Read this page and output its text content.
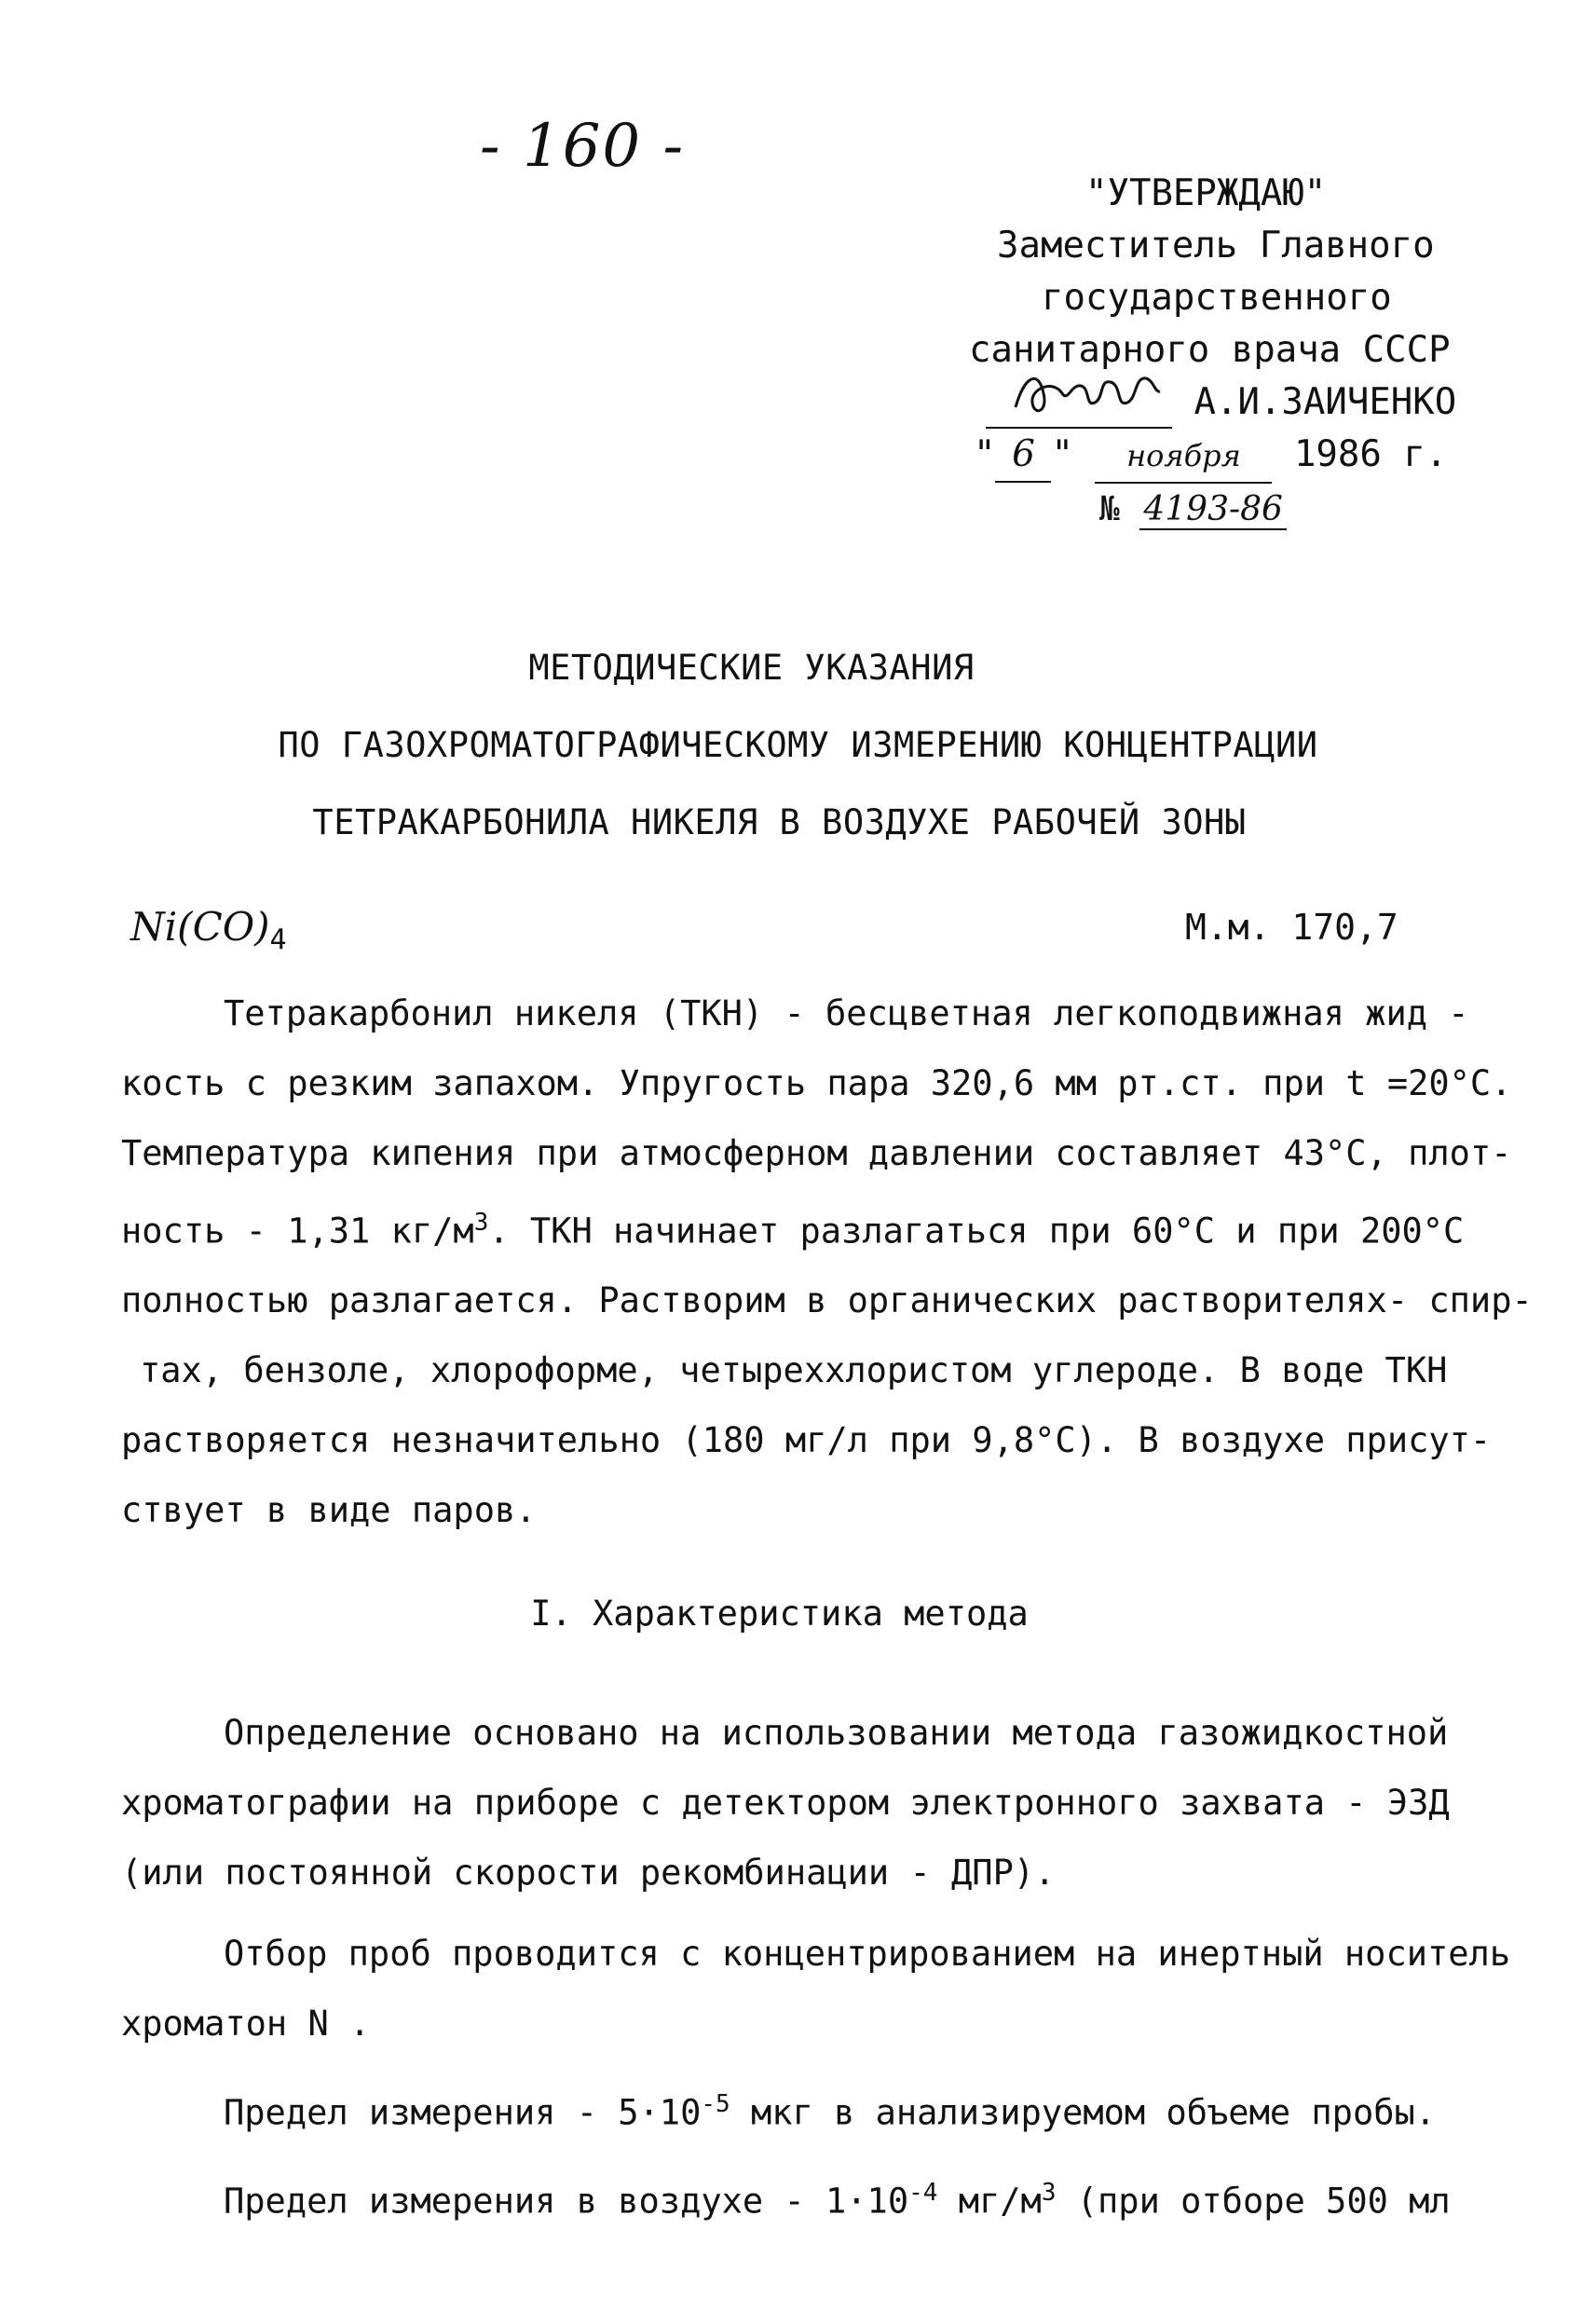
- 160 -
"УТВЕРЖДАЮ"
Заместитель Главного
государственного
санитарного врача СССР

А.И.ЗАИЧЕНКО
" 6 " ноября 1986 г.
№ 4193-86
МЕТОДИЧЕСКИЕ УКАЗАНИЯ
ПО ГАЗОХРОМАТОГРАФИЧЕСКОМУ ИЗМЕРЕНИЮ КОНЦЕНТРАЦИИ
ТЕТРАКАРБОНИЛА НИКЕЛЯ В ВОЗДУХЕ РАБОЧЕЙ ЗОНЫ
$Ni(CO)_4$	М.м. 170,7

Тетракарбонил никеля (ТКН) - бесцветная легкоподвижная жид -

кость с резким запахом. Упругость пара 320,6 мм рт.ст. при t =20°С.

Температура кипения при атмосферном давлении составляет 43°С, плот-

ность - 1,31 $кг/м^3$. ТКН начинает разлагаться при 60°С и при 200°С

полностью разлагается. Растворим в органических растворителях- спир-

тах, бензоле, хлороформе, четыреххлористом углероде. В воде ТКН

растворяется незначительно (180 мг/л при 9,8°С). В воздухе присут-

ствует в виде паров.

I. Характеристика метода

Определение основано на использовании метода газожидкостной

хроматографии на приборе с детектором электронного захвата - ЭЗД

(или постоянной скорости рекомбинации - ДПР).

Отбор проб проводится с концентрированием на инертный носитель

хроматон N .

Предел измерения - $5\cdot 10^{-5}$ мкг в анализируемом объеме пробы.

Предел измерения в воздухе - $1\cdot 10^{-4}$ $мг/м^3$ (при отборе 500 мл
